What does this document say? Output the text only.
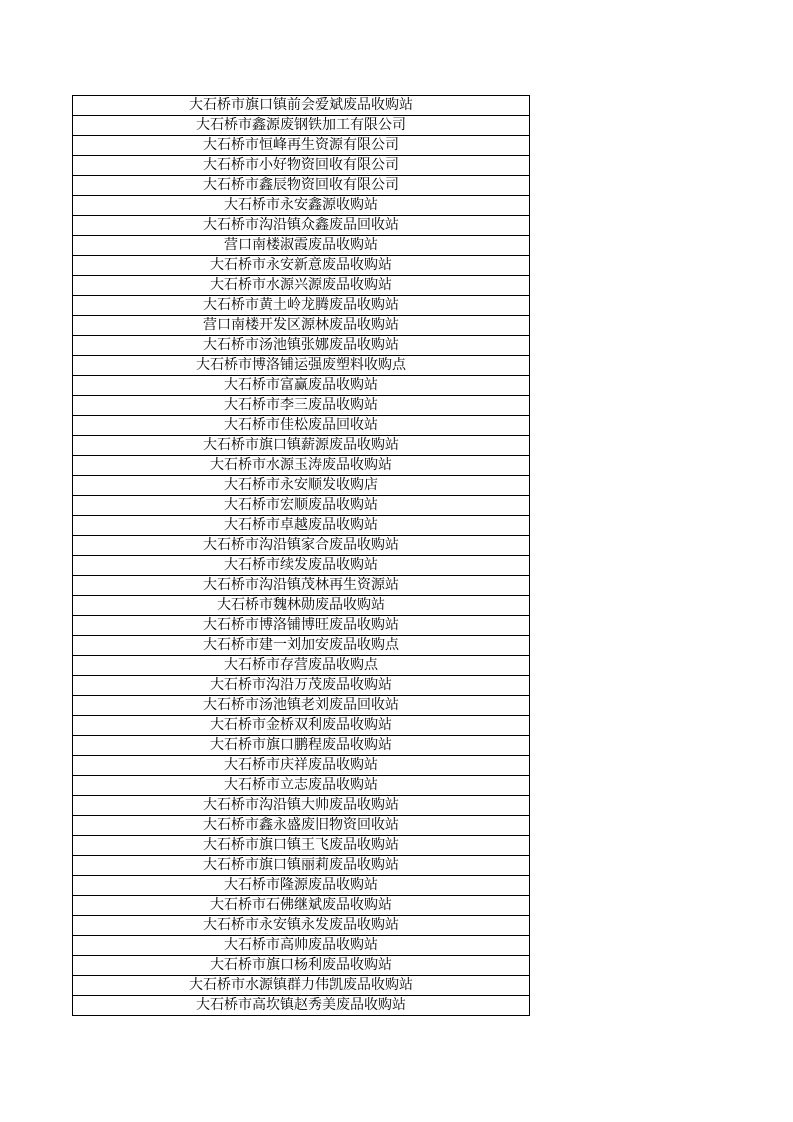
大石桥市旗口镇前会爱斌废品收购站
大石桥市鑫源废钢铁加工有限公司
大石桥市恒峰再生资源有限公司
大石桥市小好物资回收有限公司
大石桥市鑫辰物资回收有限公司
大石桥市永安鑫源收购站
大石桥市沟沿镇众鑫废品回收站
营口南楼淑霞废品收购站
大石桥市永安新意废品收购站
大石桥市水源兴源废品收购站
大石桥市黄土岭龙腾废品收购站
营口南楼开发区源林废品收购站
大石桥市汤池镇张娜废品收购站
大石桥市博洛铺运强废塑料收购点
大石桥市富赢废品收购站
大石桥市李三废品收购站
大石桥市佳松废品回收站
大石桥市旗口镇薪源废品收购站
大石桥市水源玉涛废品收购站
大石桥市永安顺发收购店
大石桥市宏顺废品收购站
大石桥市卓越废品收购站
大石桥市沟沿镇家合废品收购站
大石桥市续发废品收购站
大石桥市沟沿镇茂林再生资源站
大石桥市魏林勋废品收购站
大石桥市博洛铺博旺废品收购站
大石桥市建一刘加安废品收购点
大石桥市存营废品收购点
大石桥市沟沿万茂废品收购站
大石桥市汤池镇老刘废品回收站
大石桥市金桥双利废品收购站
大石桥市旗口鹏程废品收购站
大石桥市庆祥废品收购站
大石桥市立志废品收购站
大石桥市沟沿镇大帅废品收购站
大石桥市鑫永盛废旧物资回收站
大石桥市旗口镇王飞废品收购站
大石桥市旗口镇丽莉废品收购站
大石桥市隆源废品收购站
大石桥市石佛继斌废品收购站
大石桥市永安镇永发废品收购站
大石桥市高帅废品收购站
大石桥市旗口杨利废品收购站
大石桥市水源镇群力伟凯废品收购站
大石桥市高坎镇赵秀美废品收购站
